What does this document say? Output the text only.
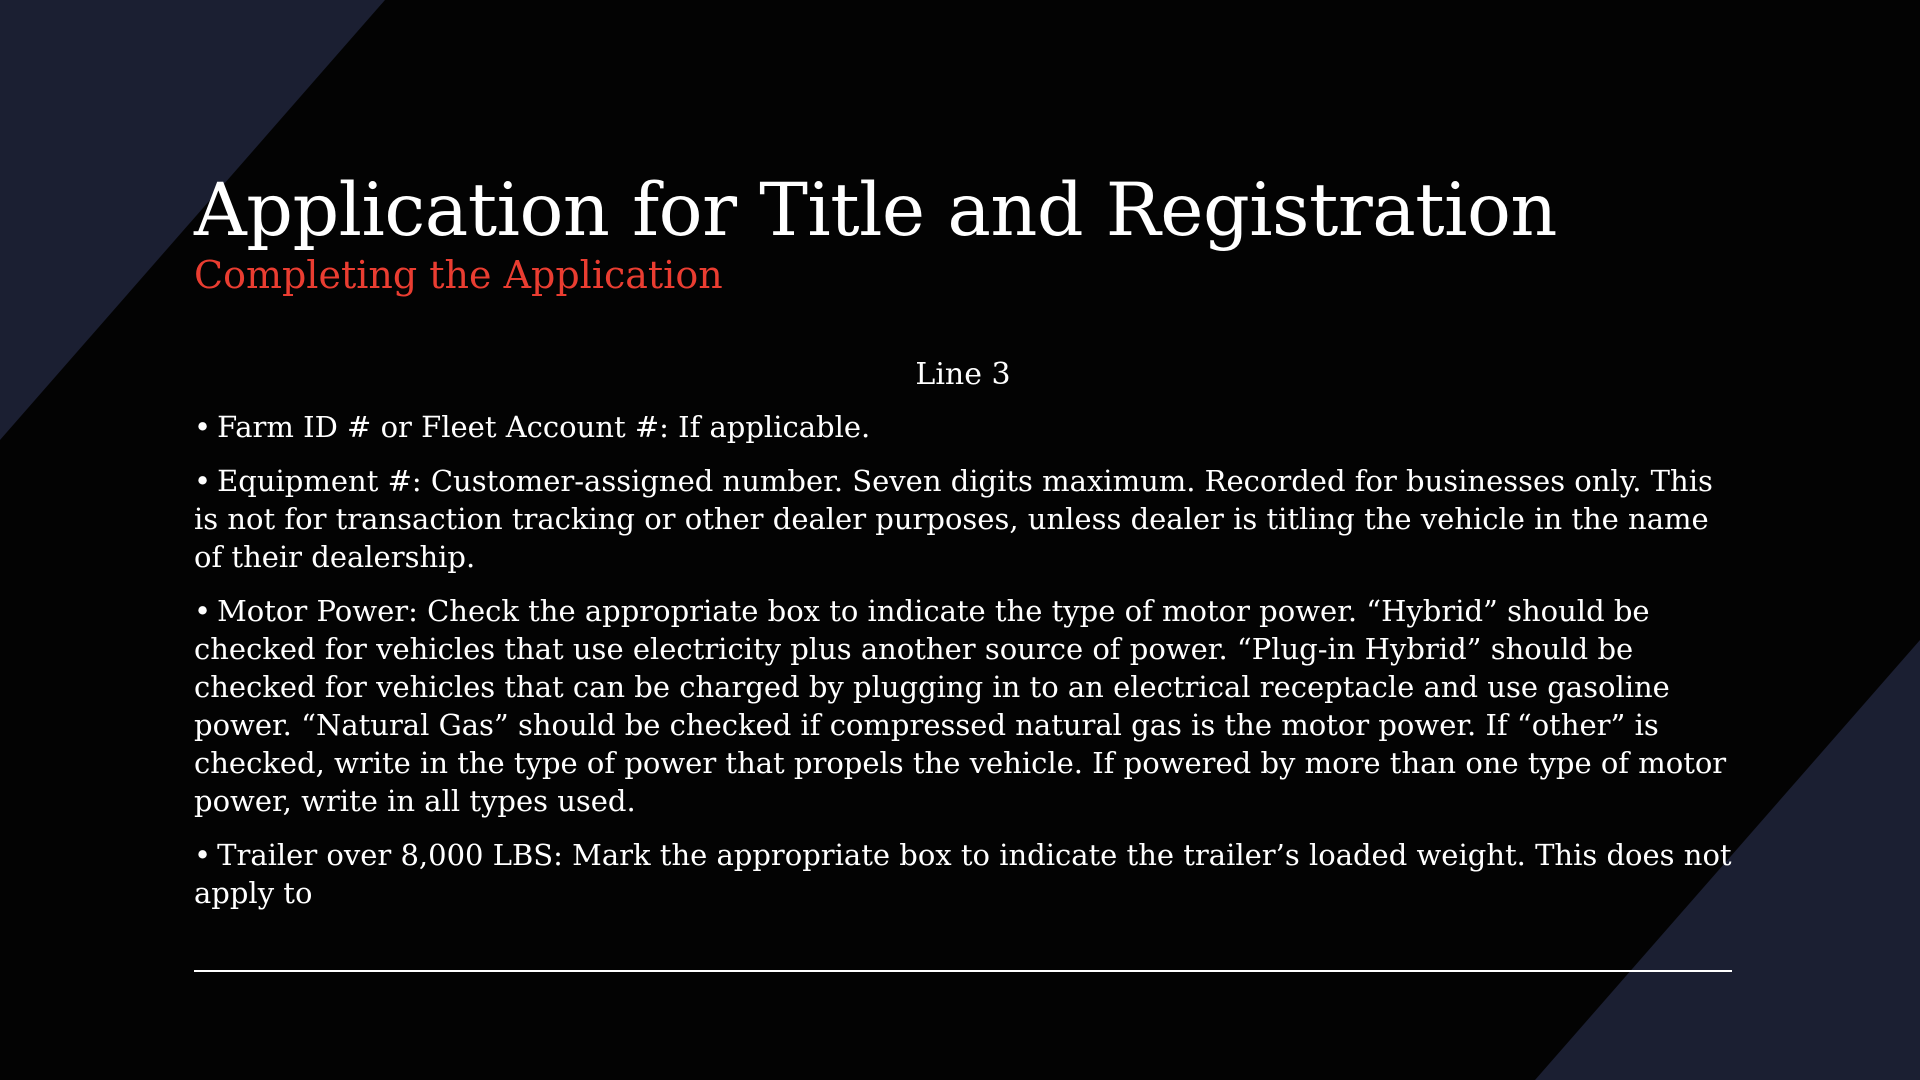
Application for Title and Registration
Completing the Application
Line 3
• Farm ID # or Fleet Account #: If applicable.
• Equipment #: Customer-assigned number. Seven digits maximum. Recorded for businesses only. This is not for transaction tracking or other dealer purposes, unless dealer is titling the vehicle in the name of their dealership.
• Motor Power: Check the appropriate box to indicate the type of motor power. “Hybrid” should be checked for vehicles that use electricity plus another source of power. “Plug-in Hybrid” should be checked for vehicles that can be charged by plugging in to an electrical receptacle and use gasoline power. “Natural Gas” should be checked if compressed natural gas is the motor power. If “other” is checked, write in the type of power that propels the vehicle. If powered by more than one type of motor power, write in all types used.
• Trailer over 8,000 LBS: Mark the appropriate box to indicate the trailer’s loaded weight. This does not apply to
